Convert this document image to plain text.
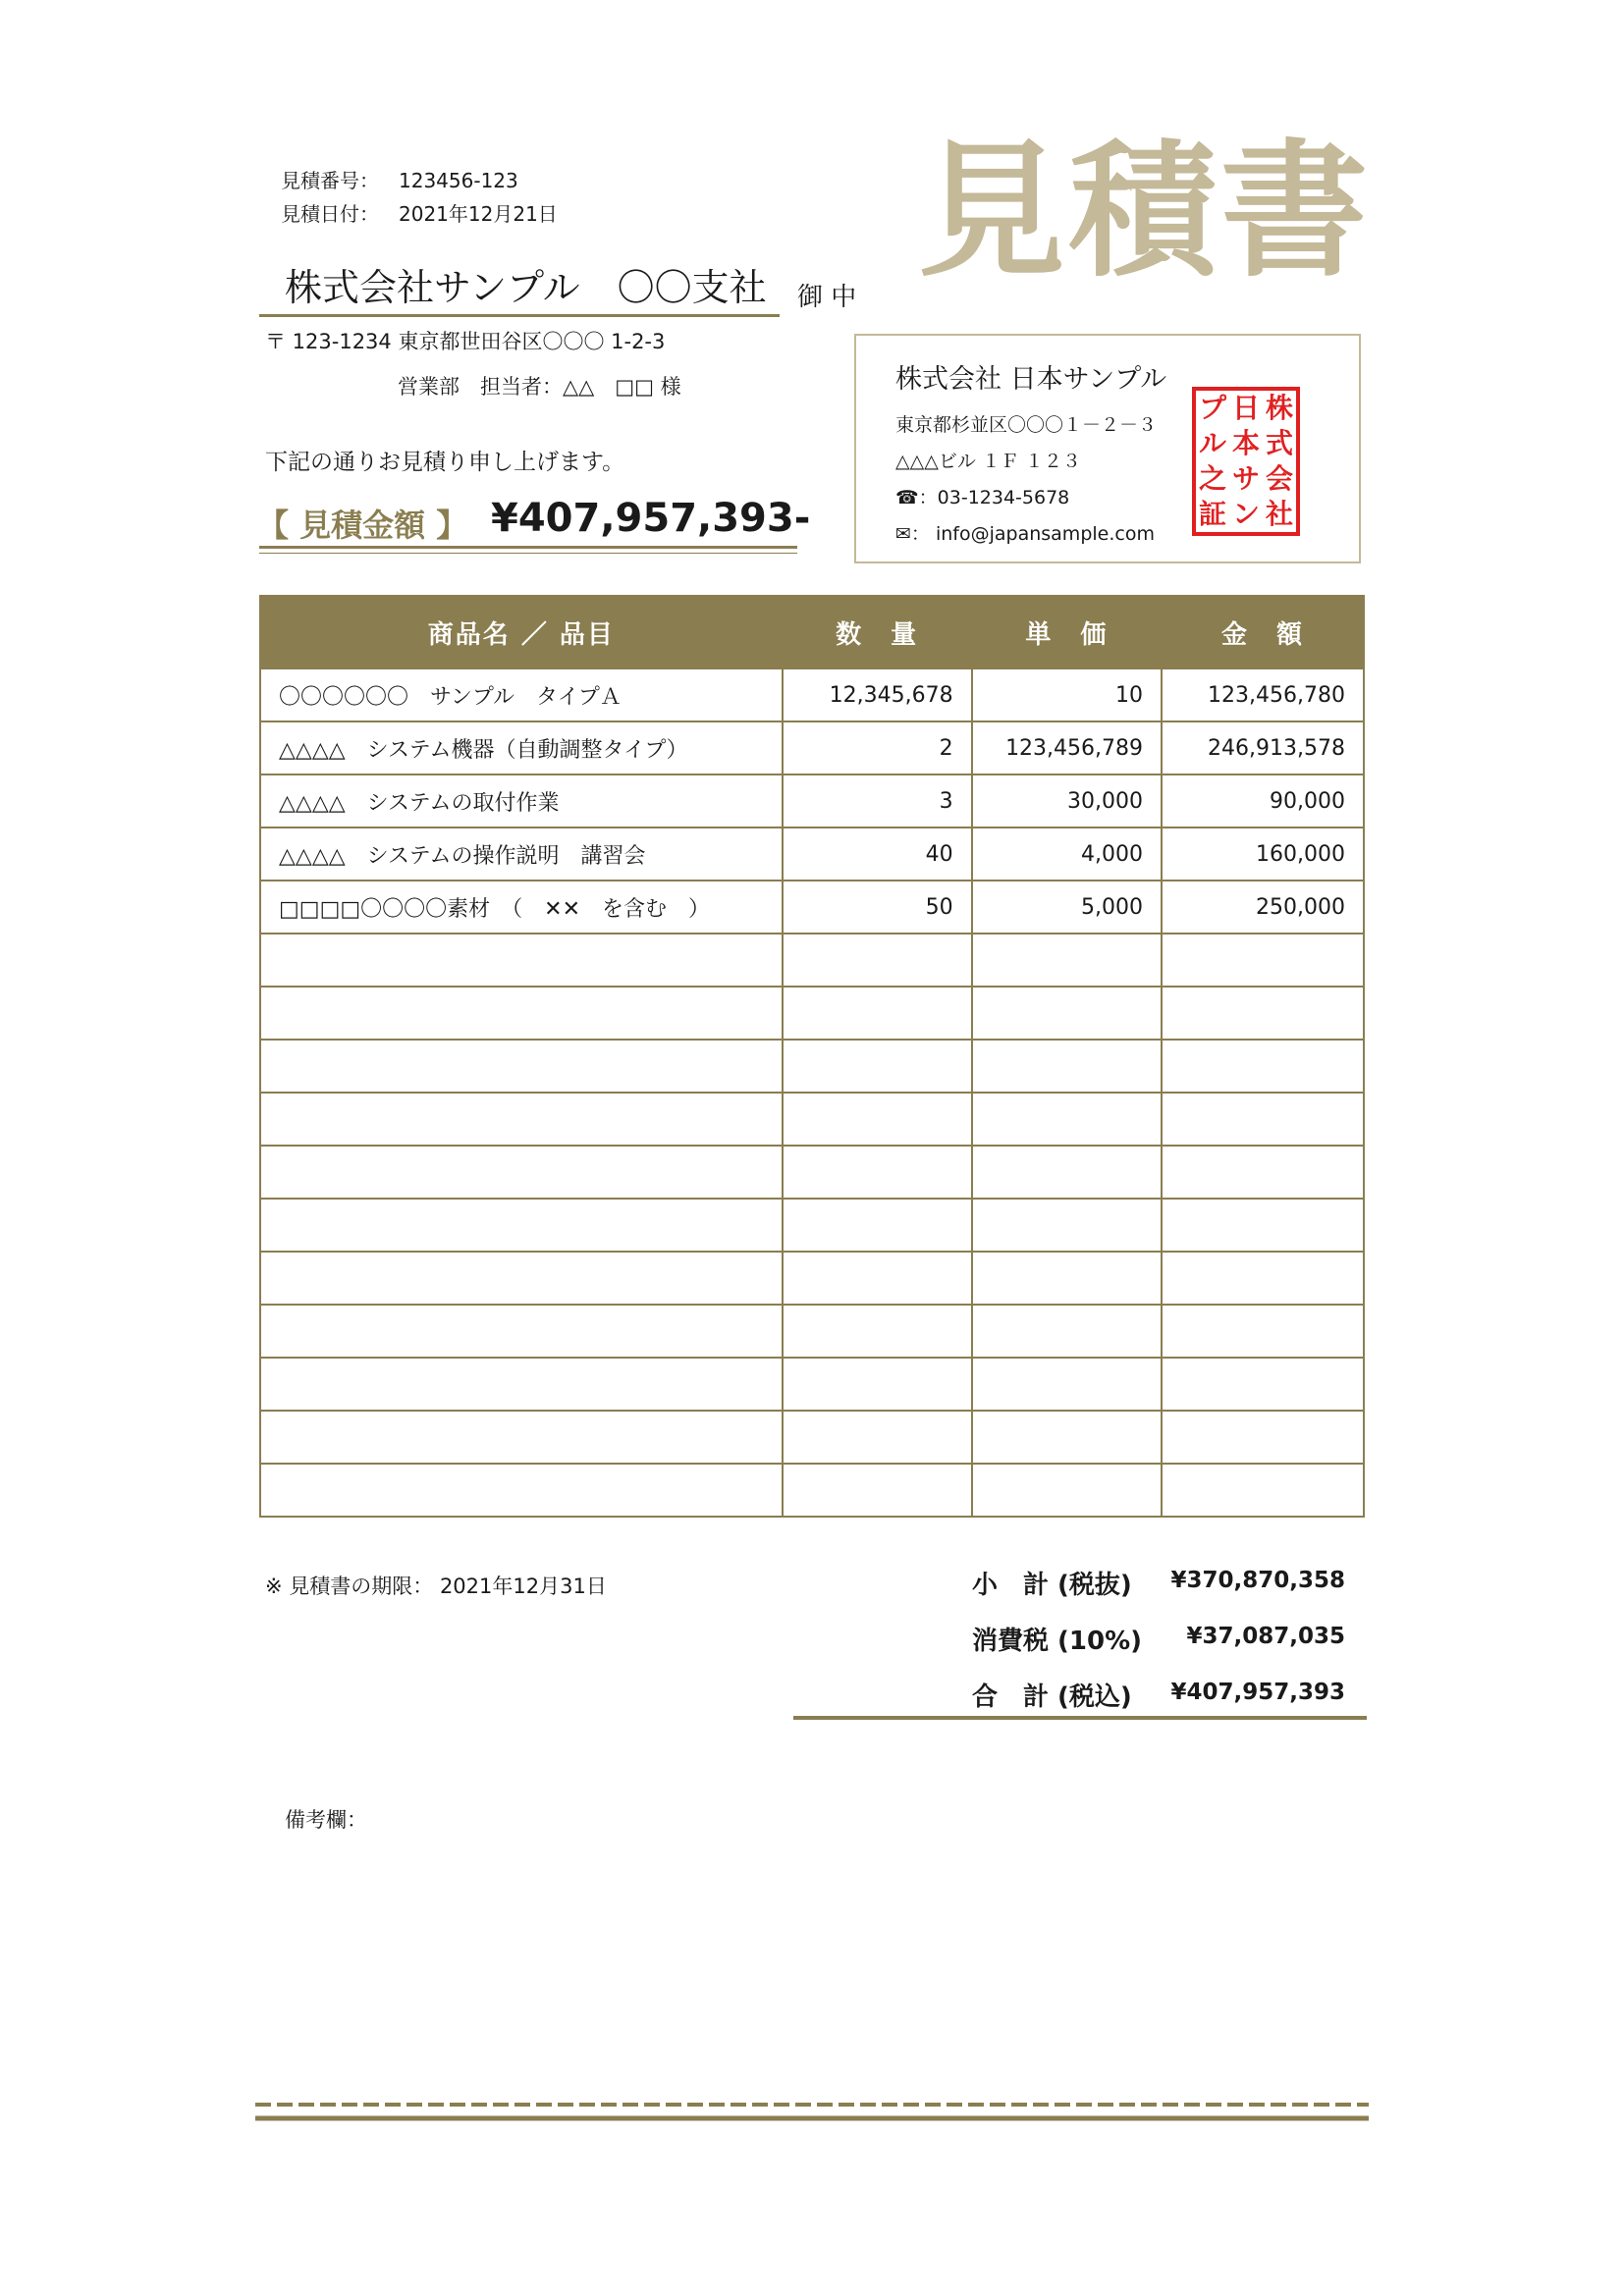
見積番号： 123456-123
見積日付： 2021年12月21日 見積書
株式会社サンプル　〇〇支社 御 中
〒 123-1234 東京都世田谷区〇〇〇 1-2-3
営業部　担当者：△△　□□ 様
下記の通りお見積り申し上げます。
【 見積金額 】 ¥407,957,393-
株式会社 日本サンプル
東京都杉並区〇〇〇１－２－３
△△△ビル １Ｆ １２３
☎：03-1234-5678
✉： info@japansample.com
株
日
プ
式
本
ル
会
サ
之
社
ン
証
商品名 ／ 品目	数　量	単　価	金　額
〇〇〇〇〇〇　サンプル　タイプＡ	12,345,678	10	123,456,780
△△△△　システム機器（自動調整タイプ）	2	123,456,789	246,913,578
△△△△　システムの取付作業	3	30,000	90,000
△△△△　システムの操作説明　講習会	40	4,000	160,000
□□□□〇〇〇〇素材　（　✕✕　を含む　）	50	5,000	250,000

※ 見積書の期限： 2021年12月31日	小　計 (税抜)	¥370,870,358
消費税 (10%)	¥37,087,035
合　計 (税込)	¥407,957,393
備考欄：
